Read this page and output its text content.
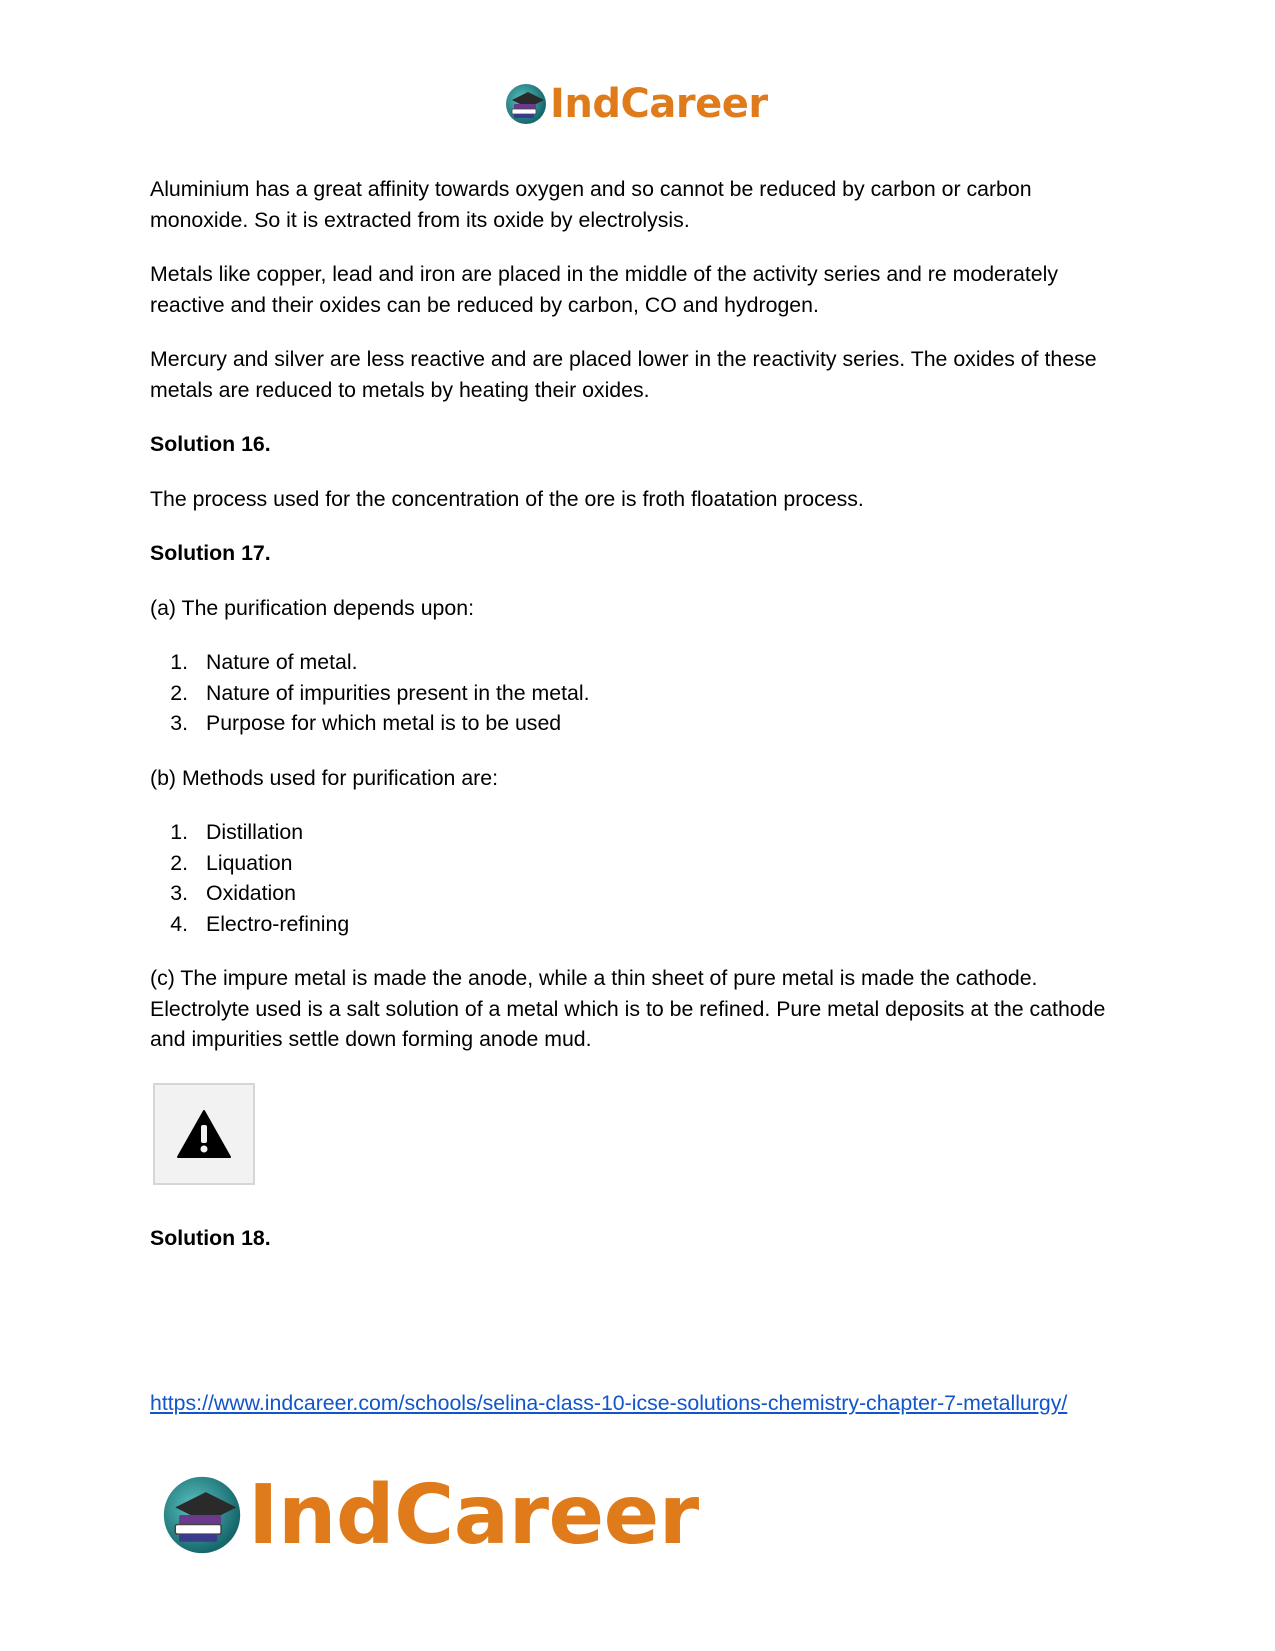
IndCareer

Aluminium has a great affinity towards oxygen and so cannot be reduced by carbon or carbon monoxide. So it is extracted from its oxide by electrolysis.

Metals like copper, lead and iron are placed in the middle of the activity series and re moderately reactive and their oxides can be reduced by carbon, CO and hydrogen.

Mercury and silver are less reactive and are placed lower in the reactivity series. The oxides of these metals are reduced to metals by heating their oxides.

Solution 16.

The process used for the concentration of the ore is froth floatation process.

Solution 17.

(a) The purification depends upon:

1. Nature of metal.
2. Nature of impurities present in the metal.
3. Purpose for which metal is to be used

(b) Methods used for purification are:

1. Distillation
2. Liquation
3. Oxidation
4. Electro-refining

(c) The impure metal is made the anode, while a thin sheet of pure metal is made the cathode. Electrolyte used is a salt solution of a metal which is to be refined. Pure metal deposits at the cathode and impurities settle down forming anode mud.

Solution 18.

https://www.indcareer.com/schools/selina-class-10-icse-solutions-chemistry-chapter-7-metallurgy/
IndCareer
